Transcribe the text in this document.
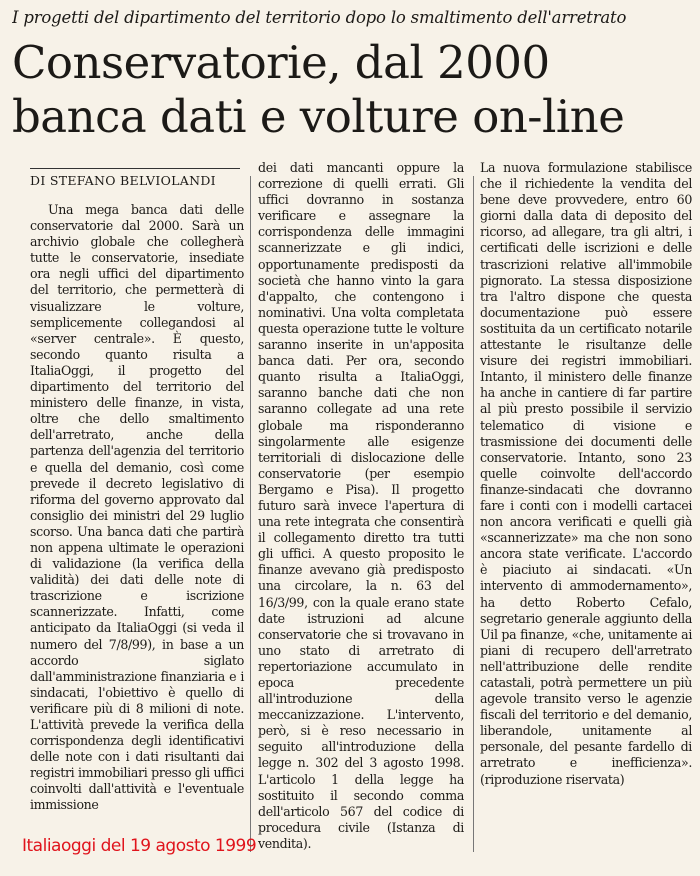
I progetti del dipartimento del territorio dopo lo smaltimento dell'arretrato
Conservatorie, dal 2000
banca dati e volture on-line
DI STEFANO BELVIOLANDI

Una mega banca dati delle conservatorie dal 2000. Sarà un archivio globale che collegherà tutte le conservatorie, insediate ora negli uffici del dipartimento del territorio, che permetterà di visualizzare le volture, semplicemente collegandosi al «server centrale». È questo, secondo quanto risulta a ItaliaOggi, il progetto del dipartimento del territorio del ministero delle finanze, in vista, oltre che dello smaltimento dell'arretrato, anche della partenza dell'agenzia del territorio e quella del demanio, così come prevede il decreto legislativo di riforma del governo approvato dal consiglio dei ministri del 29 luglio scorso. Una banca dati che partirà non appena ultimate le operazioni di validazione (la verifica della validità) dei dati delle note di trascrizione e iscrizione scannerizzate. Infatti, come anticipato da ItaliaOggi (si veda il numero del 7/8/99), in base a un accordo siglato dall'amministrazione finanziaria e i sindacati, l'obiettivo è quello di verificare più di 8 milioni di note. L'attività prevede la verifica della corrispondenza degli identificativi delle note con i dati risultanti dai registri immobiliari presso gli uffici coinvolti dall'attività e l'eventuale immissione

dei dati mancanti oppure la correzione di quelli errati. Gli uffici dovranno in sostanza verificare e assegnare la corrispondenza delle immagini scannerizzate e gli indici, opportunamente predisposti da società che hanno vinto la gara d'appalto, che contengono i nominativi. Una volta completata questa operazione tutte le volture saranno inserite in un'apposita banca dati. Per ora, secondo quanto risulta a ItaliaOggi, saranno banche dati che non saranno collegate ad una rete globale ma risponderanno singolarmente alle esigenze territoriali di dislocazione delle conservatorie (per esempio Bergamo e Pisa). Il progetto futuro sarà invece l'apertura di una rete integrata che consentirà il collegamento diretto tra tutti gli uffici. A questo proposito le finanze avevano già predisposto una circolare, la n. 63 del 16/3/99, con la quale erano state date istruzioni ad alcune conservatorie che si trovavano in uno stato di arretrato di repertoriazione accumulato in epoca precedente all'introduzione della meccanizzazione. L'intervento, però, si è reso necessario in seguito all'introduzione della legge n. 302 del 3 agosto 1998. L'articolo 1 della legge ha sostituito il secondo comma dell'articolo 567 del codice di procedura civile (Istanza di vendita).

La nuova formulazione stabilisce che il richiedente la vendita del bene deve provvedere, entro 60 giorni dalla data di deposito del ricorso, ad allegare, tra gli altri, i certificati delle iscrizioni e delle trascrizioni relative all'immobile pignorato. La stessa disposizione tra l'altro dispone che questa documentazione può essere sostituita da un certificato notarile attestante le risultanze delle visure dei registri immobiliari. Intanto, il ministero delle finanze ha anche in cantiere di far partire al più presto possibile il servizio telematico di visione e trasmissione dei documenti delle conservatorie. Intanto, sono 23 quelle coinvolte dell'accordo finanze-sindacati che dovranno fare i conti con i modelli cartacei non ancora verificati e quelli già «scannerizzate» ma che non sono ancora state verificate. L'accordo è piaciuto ai sindacati. «Un intervento di ammodernamento», ha detto Roberto Cefalo, segretario generale aggiunto della Uil pa finanze, «che, unitamente ai piani di recupero dell'arretrato nell'attribuzione delle rendite catastali, potrà permettere un più agevole transito verso le agenzie fiscali del territorio e del demanio, liberandole, unitamente al personale, del pesante fardello di arretrato e inefficienza». (riproduzione riservata)

Italiaoggi del 19 agosto 1999
